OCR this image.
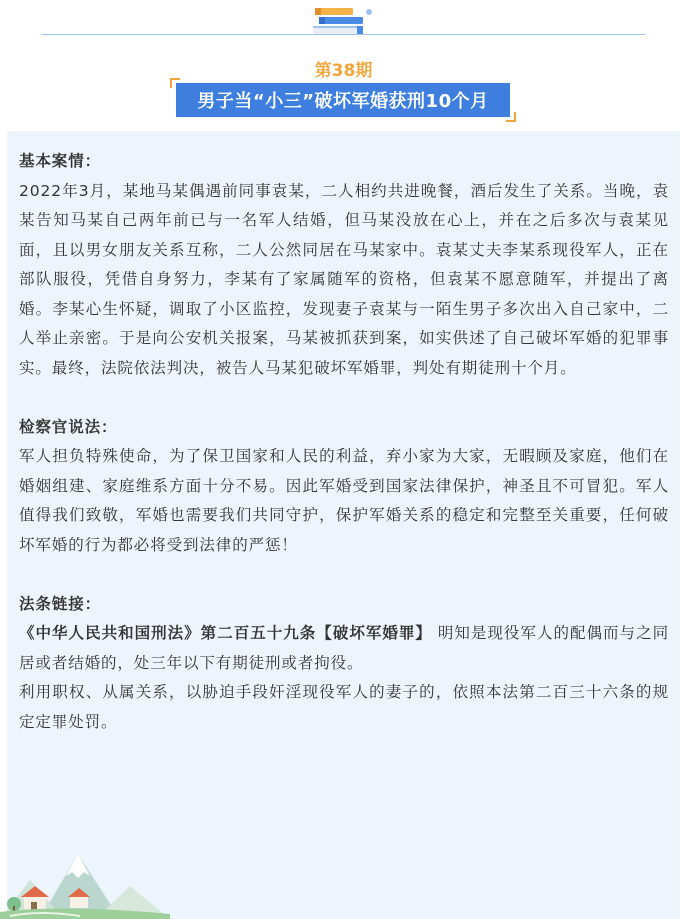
第38期
男子当“小三”破坏军婚获刑10个月
基本案情：
2022年3月，某地马某偶遇前同事袁某，二人相约共进晚餐，酒后发生了关系。当晚，袁某告知马某自己两年前已与一名军人结婚，但马某没放在心上，并在之后多次与袁某见面，且以男女朋友关系互称，二人公然同居在马某家中。袁某丈夫李某系现役军人，正在部队服役，凭借自身努力，李某有了家属随军的资格，但袁某不愿意随军，并提出了离婚。李某心生怀疑，调取了小区监控，发现妻子袁某与一陌生男子多次出入自己家中，二人举止亲密。于是向公安机关报案，马某被抓获到案，如实供述了自己破坏军婚的犯罪事实。最终，法院依法判决，被告人马某犯破坏军婚罪，判处有期徒刑十个月。
检察官说法：
军人担负特殊使命，为了保卫国家和人民的利益，弃小家为大家，无暇顾及家庭，他们在婚姻组建、家庭维系方面十分不易。因此军婚受到国家法律保护，神圣且不可冒犯。军人值得我们致敬，军婚也需要我们共同守护，保护军婚关系的稳定和完整至关重要，任何破坏军婚的行为都必将受到法律的严惩！
法条链接：
《中华人民共和国刑法》第二百五十九条【破坏军婚罪】 明知是现役军人的配偶而与之同居或者结婚的，处三年以下有期徒刑或者拘役。
利用职权、从属关系，以胁迫手段奸淫现役军人的妻子的，依照本法第二百三十六条的规定定罪处罚。
